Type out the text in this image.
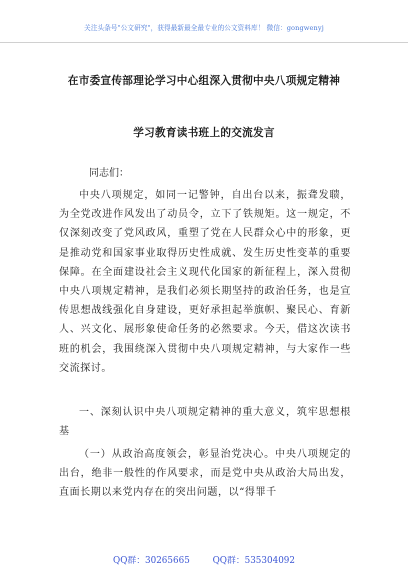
关注头条号"公文研究"，获得最新最全最专业的公文资料库！ 微信：gongwenyj
在市委宣传部理论学习中心组深入贯彻中央八项规定精神
学习教育读书班上的交流发言
同志们：
中央八项规定，如同一记警钟，自出台以来，振聋发聩，为全党改进作风发出了动员令，立下了铁规矩。这一规定，不仅深刻改变了党风政风，重塑了党在人民群众心中的形象，更是推动党和国家事业取得历史性成就、发生历史性变革的重要保障。在全面建设社会主义现代化国家的新征程上，深入贯彻中央八项规定精神，是我们必须长期坚持的政治任务，也是宣传思想战线强化自身建设，更好承担起举旗帜、聚民心、育新人、兴文化、展形象使命任务的必然要求。今天，借这次读书班的机会，我围绕深入贯彻中央八项规定精神，与大家作一些交流探讨。
一、深刻认识中央八项规定精神的重大意义，筑牢思想根基
（一）从政治高度领会，彰显治党决心。中央八项规定的出台，绝非一般性的作风要求，而是党中央从政治大局出发，直面长期以来党内存在的突出问题，以“得罪千
QQ群：30265665	QQ群：535304092
